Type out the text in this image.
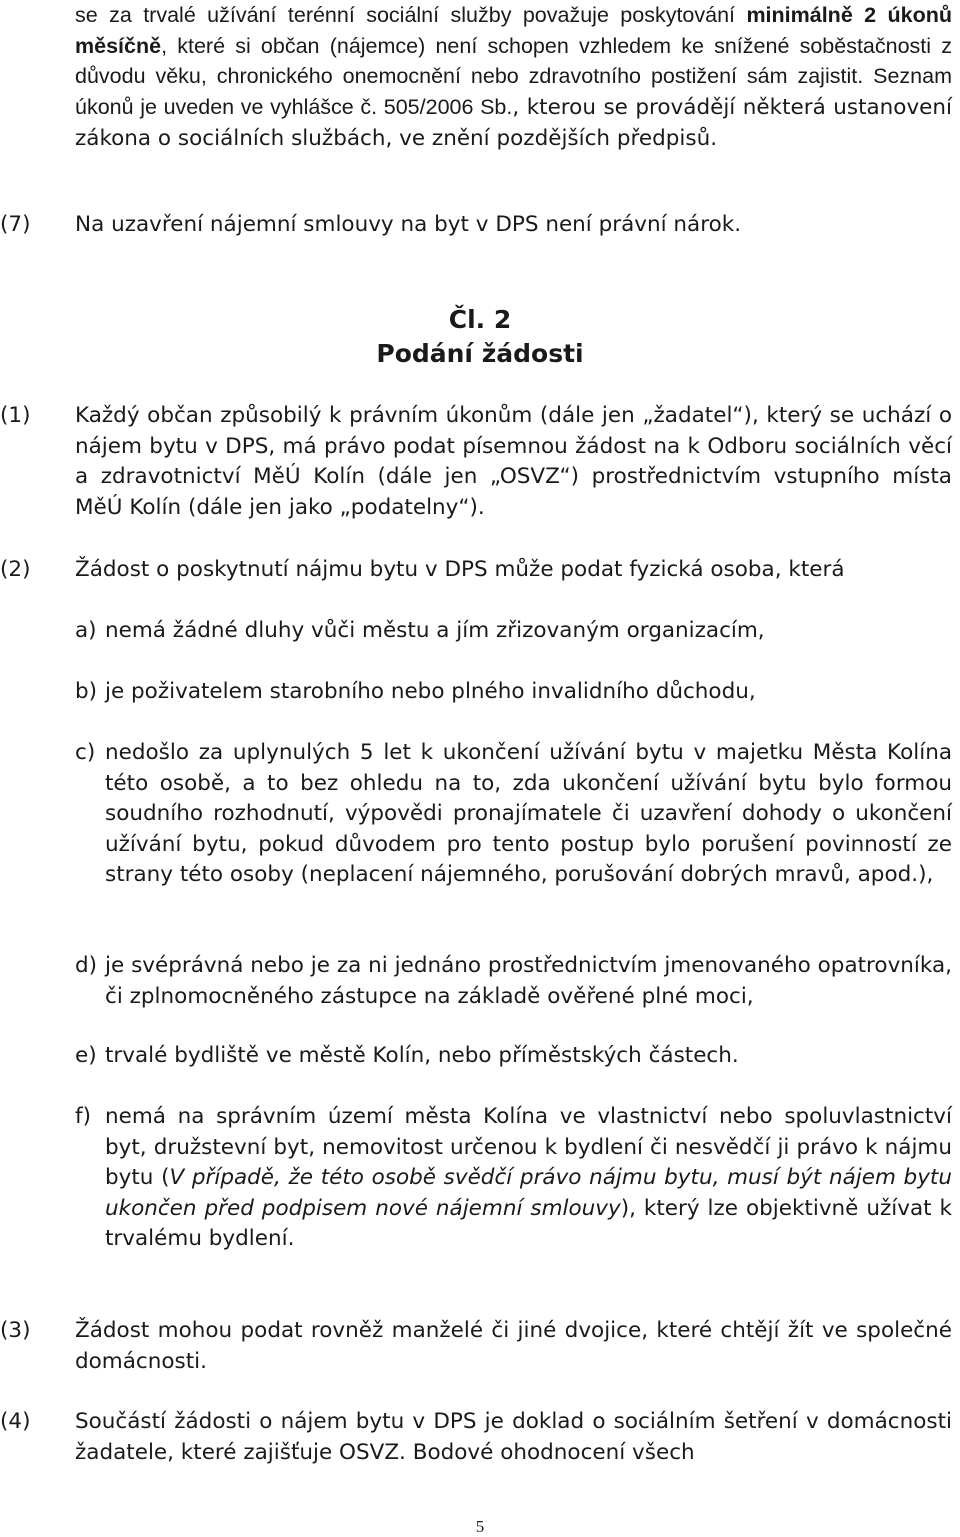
se za trvalé užívání terénní sociální služby považuje poskytování minimálně 2 úkonů měsíčně, které si občan (nájemce) není schopen vzhledem ke snížené soběstačnosti z důvodu věku, chronického onemocnění nebo zdravotního postižení sám zajistit. Seznam úkonů je uveden ve vyhlášce č. 505/2006 Sb., kterou se provádějí některá ustanovení zákona o sociálních službách, ve znění pozdějších předpisů.
(7) Na uzavření nájemní smlouvy na byt v DPS není právní nárok.
Čl. 2
Podání žádosti
(1) Každý občan způsobilý k právním úkonům (dále jen „žadatel“), který se uchází o nájem bytu v DPS, má právo podat písemnou žádost na k Odboru sociálních věcí a zdravotnictví MěÚ Kolín (dále jen „OSVZ“) prostřednictvím vstupního místa MěÚ Kolín (dále jen jako „podatelny“).
(2) Žádost o poskytnutí nájmu bytu v DPS může podat fyzická osoba, která
a) nemá žádné dluhy vůči městu a jím zřizovaným organizacím,
b) je poživatelem starobního nebo plného invalidního důchodu,
c) nedošlo za uplynulých 5 let k ukončení užívání bytu v majetku Města Kolína této osobě, a to bez ohledu na to, zda ukončení užívání bytu bylo formou soudního rozhodnutí, výpovědi pronajímatele či uzavření dohody o ukončení užívání bytu, pokud důvodem pro tento postup bylo porušení povinností ze strany této osoby (neplacení nájemného, porušování dobrých mravů, apod.),
d) je svéprávná nebo je za ni jednáno prostřednictvím jmenovaného opatrovníka, či zplnomocněného zástupce na základě ověřené plné moci,
e) trvalé bydliště ve městě Kolín, nebo příměstských částech.
f) nemá na správním území města Kolína ve vlastnictví nebo spoluvlastnictví byt, družstevní byt, nemovitost určenou k bydlení či nesvědčí ji právo k nájmu bytu (V případě, že této osobě svědčí právo nájmu bytu, musí být nájem bytu ukončen před podpisem nové nájemní smlouvy), který lze objektivně užívat k trvalému bydlení.
(3) Žádost mohou podat rovněž manželé či jiné dvojice, které chtějí žít ve společné domácnosti.
(4) Součástí žádosti o nájem bytu v DPS je doklad o sociálním šetření v domácnosti žadatele, které zajišťuje OSVZ. Bodové ohodnocení všech
5
